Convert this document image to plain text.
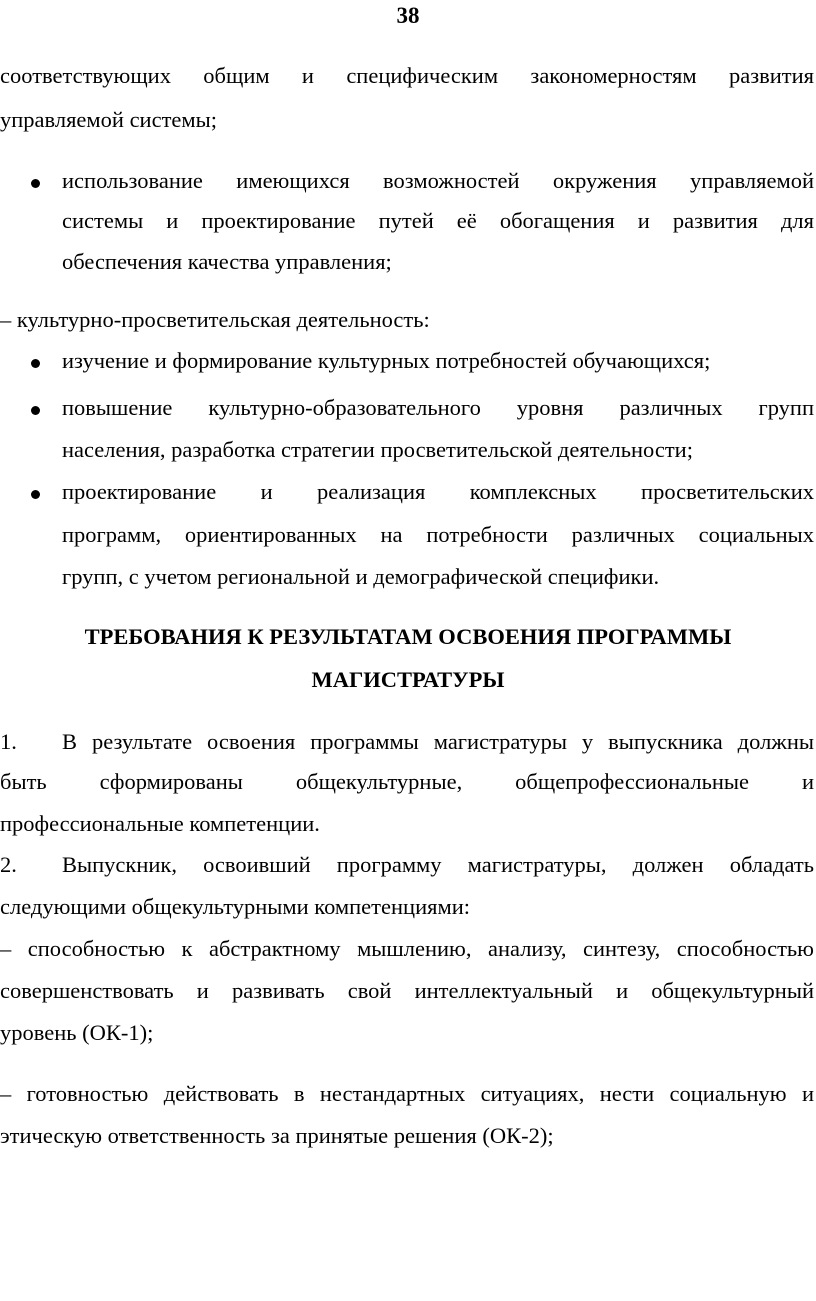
38
соответствующих общим и специфическим закономерностям развития
управляемой системы;
использование имеющихся возможностей окружения управляемой
системы и проектирование путей её обогащения и развития для
обеспечения качества управления;
– культурно-просветительская деятельность:
изучение и формирование культурных потребностей обучающихся;
повышение культурно-образовательного уровня различных групп
населения, разработка стратегии просветительской деятельности;
проектирование и реализация комплексных просветительских
программ, ориентированных на потребности различных социальных
групп, с учетом региональной и демографической специфики.
ТРЕБОВАНИЯ К РЕЗУЛЬТАТАМ ОСВОЕНИЯ ПРОГРАММЫ
МАГИСТРАТУРЫ
1. В результате освоения программы магистратуры у выпускника должны
быть сформированы общекультурные, общепрофессиональные и
профессиональные компетенции.
2. Выпускник, освоивший программу магистратуры, должен обладать
следующими общекультурными компетенциями:
– способностью к абстрактному мышлению, анализу, синтезу, способностью
совершенствовать и развивать свой интеллектуальный и общекультурный
уровень (ОК-1);
– готовностью действовать в нестандартных ситуациях, нести социальную и
этическую ответственность за принятые решения (ОК-2);
